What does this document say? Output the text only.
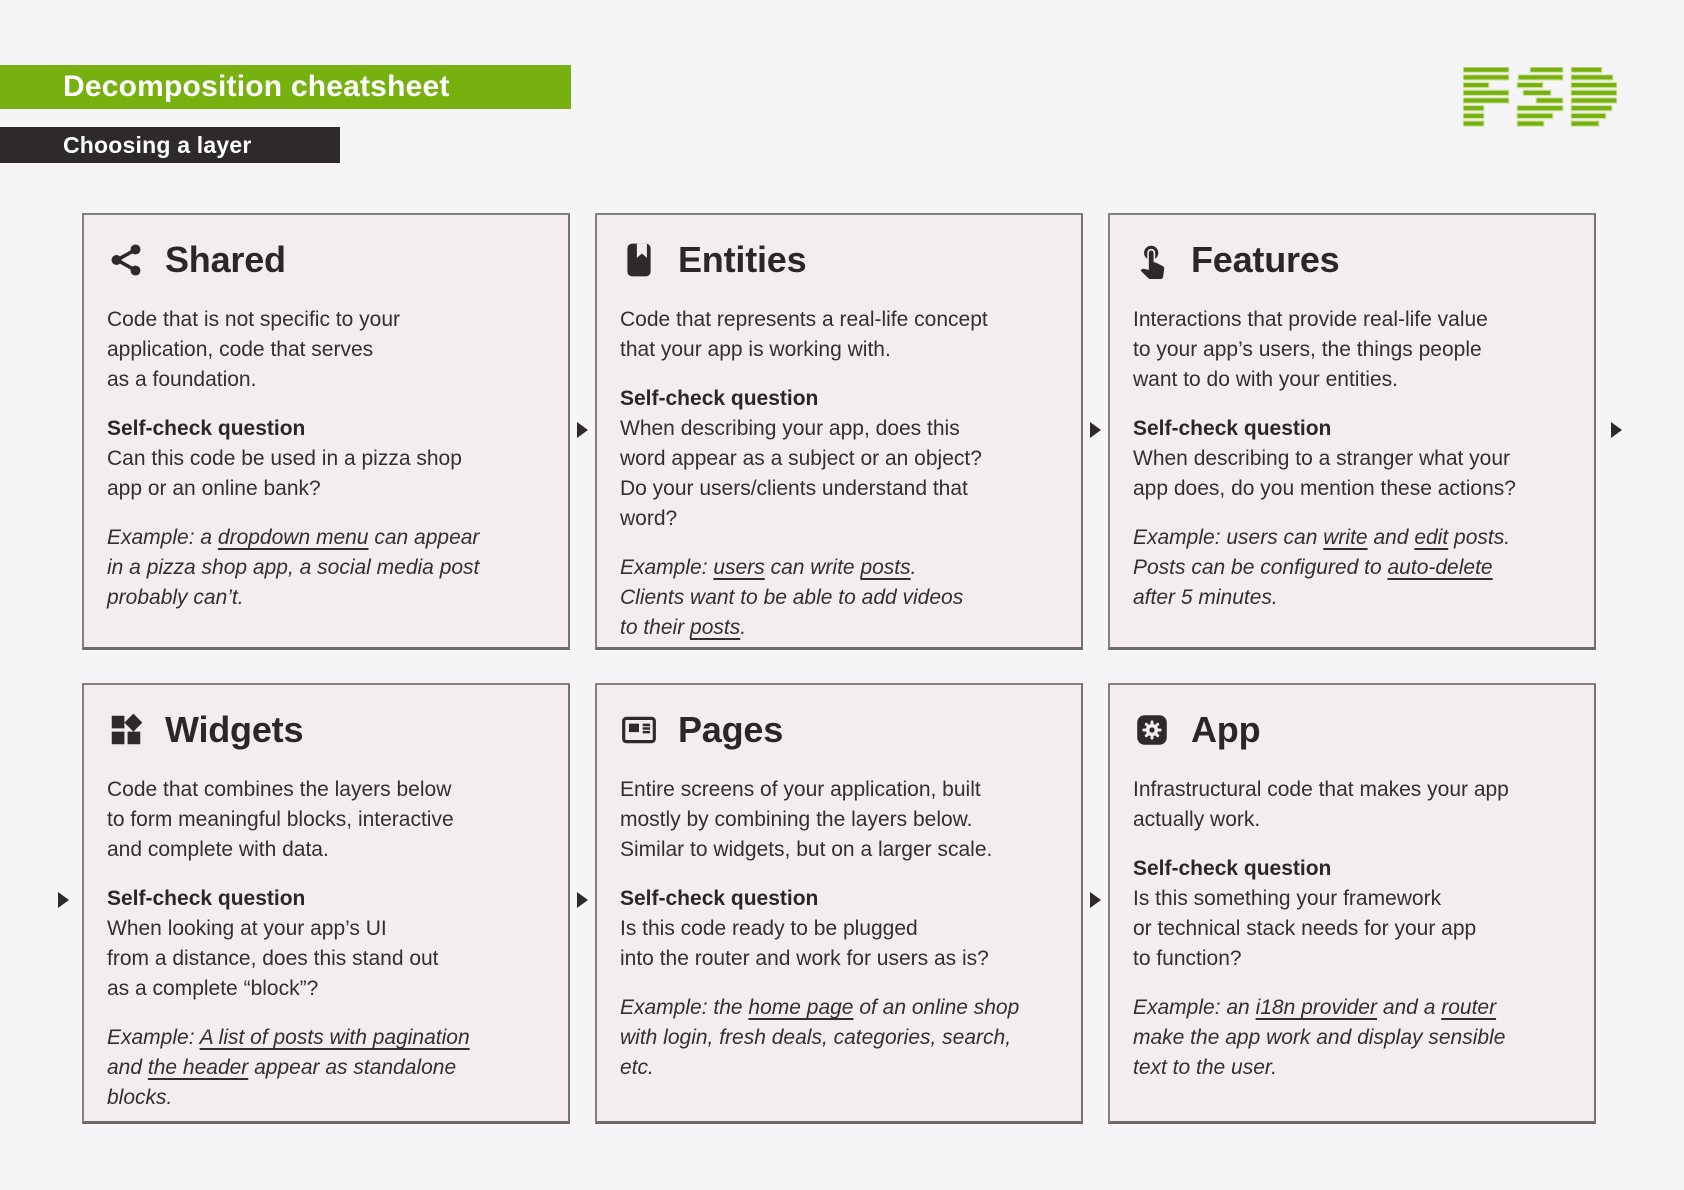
Decomposition cheatsheet
Choosing a layer
Shared

Code that is not specific to your
application, code that serves
as a foundation.

Self-check question

Can this code be used in a pizza shop
app or an online bank?

Example: a dropdown menu can appear
in a pizza shop app, a social media post
probably can’t.

Entities

Code that represents a real-life concept
that your app is working with.

Self-check question

When describing your app, does this
word appear as a subject or an object?
Do your users/clients understand that
word?

Example: users can write posts.
Clients want to be able to add videos
to their posts.

Features

Interactions that provide real-life value
to your app’s users, the things people
want to do with your entities.

Self-check question

When describing to a stranger what your
app does, do you mention these actions?

Example: users can write and edit posts.
Posts can be configured to auto-delete
after 5 minutes.

Widgets

Code that combines the layers below
to form meaningful blocks, interactive
and complete with data.

Self-check question

When looking at your app’s UI
from a distance, does this stand out
as a complete “block”?

Example: A list of posts with pagination
and the header appear as standalone
blocks.

Pages

Entire screens of your application, built
mostly by combining the layers below.
Similar to widgets, but on a larger scale.

Self-check question

Is this code ready to be plugged
into the router and work for users as is?

Example: the home page of an online shop
with login, fresh deals, categories, search,
etc.

App

Infrastructural code that makes your app
actually work.

Self-check question

Is this something your framework
or technical stack needs for your app
to function?

Example: an i18n provider and a router
make the app work and display sensible
text to the user.
